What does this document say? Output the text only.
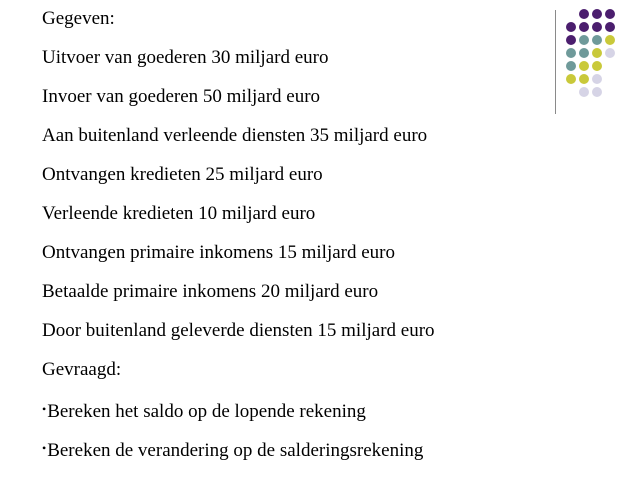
Gegeven:
Uitvoer van goederen 30 miljard euro
Invoer van goederen 50 miljard euro
Aan buitenland verleende diensten 35 miljard euro
Ontvangen kredieten 25 miljard euro
Verleende kredieten 10 miljard euro
Ontvangen primaire inkomens 15 miljard euro
Betaalde primaire inkomens 20 miljard euro
Door buitenland geleverde diensten 15 miljard euro
Gevraagd:
•Bereken het saldo op de lopende rekening
•Bereken de verandering op de salderingsrekening
